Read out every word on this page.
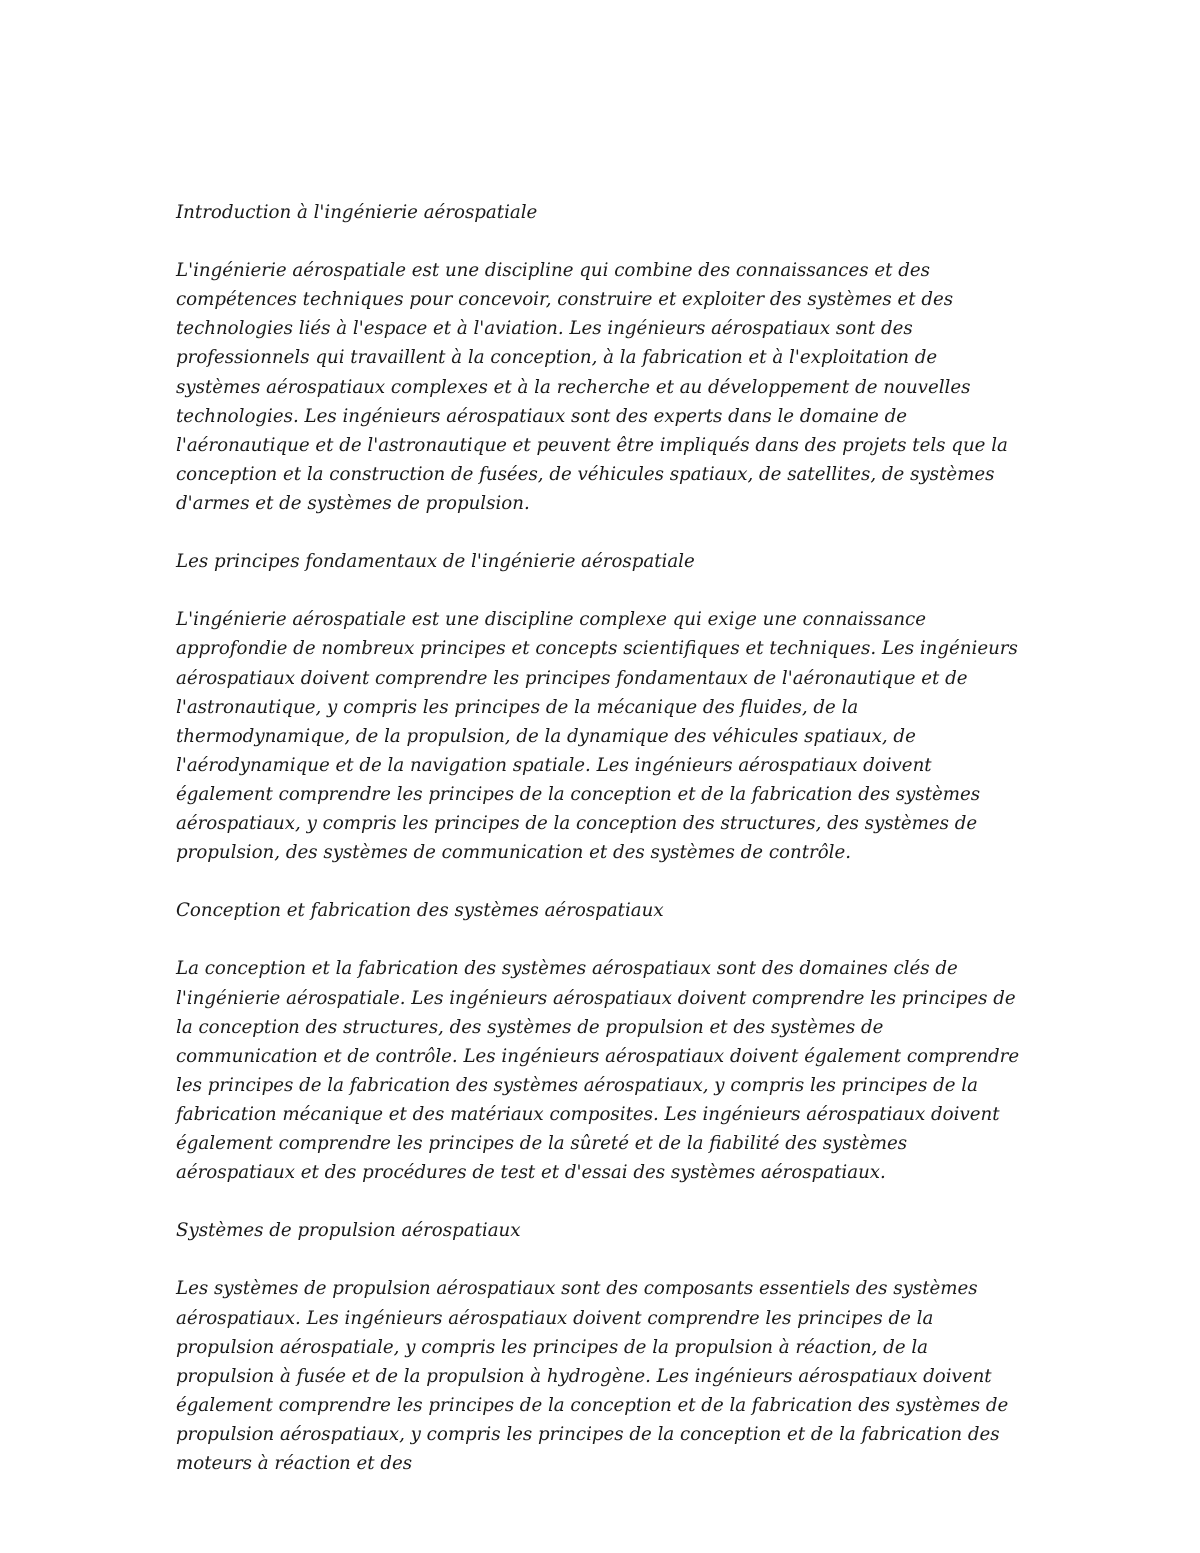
Introduction à l'ingénierie aérospatiale

L'ingénierie aérospatiale est une discipline qui combine des connaissances et des compétences techniques pour concevoir, construire et exploiter des systèmes et des technologies liés à l'espace et à l'aviation. Les ingénieurs aérospatiaux sont des professionnels qui travaillent à la conception, à la fabrication et à l'exploitation de systèmes aérospatiaux complexes et à la recherche et au développement de nouvelles technologies. Les ingénieurs aérospatiaux sont des experts dans le domaine de l'aéronautique et de l'astronautique et peuvent être impliqués dans des projets tels que la conception et la construction de fusées, de véhicules spatiaux, de satellites, de systèmes d'armes et de systèmes de propulsion.

Les principes fondamentaux de l'ingénierie aérospatiale

L'ingénierie aérospatiale est une discipline complexe qui exige une connaissance approfondie de nombreux principes et concepts scientifiques et techniques. Les ingénieurs aérospatiaux doivent comprendre les principes fondamentaux de l'aéronautique et de l'astronautique, y compris les principes de la mécanique des fluides, de la thermodynamique, de la propulsion, de la dynamique des véhicules spatiaux, de l'aérodynamique et de la navigation spatiale. Les ingénieurs aérospatiaux doivent également comprendre les principes de la conception et de la fabrication des systèmes aérospatiaux, y compris les principes de la conception des structures, des systèmes de propulsion, des systèmes de communication et des systèmes de contrôle.

Conception et fabrication des systèmes aérospatiaux

La conception et la fabrication des systèmes aérospatiaux sont des domaines clés de l'ingénierie aérospatiale. Les ingénieurs aérospatiaux doivent comprendre les principes de la conception des structures, des systèmes de propulsion et des systèmes de communication et de contrôle. Les ingénieurs aérospatiaux doivent également comprendre les principes de la fabrication des systèmes aérospatiaux, y compris les principes de la fabrication mécanique et des matériaux composites. Les ingénieurs aérospatiaux doivent également comprendre les principes de la sûreté et de la fiabilité des systèmes aérospatiaux et des procédures de test et d'essai des systèmes aérospatiaux.

Systèmes de propulsion aérospatiaux

Les systèmes de propulsion aérospatiaux sont des composants essentiels des systèmes aérospatiaux. Les ingénieurs aérospatiaux doivent comprendre les principes de la propulsion aérospatiale, y compris les principes de la propulsion à réaction, de la propulsion à fusée et de la propulsion à hydrogène. Les ingénieurs aérospatiaux doivent également comprendre les principes de la conception et de la fabrication des systèmes de propulsion aérospatiaux, y compris les principes de la conception et de la fabrication des moteurs à réaction et des
